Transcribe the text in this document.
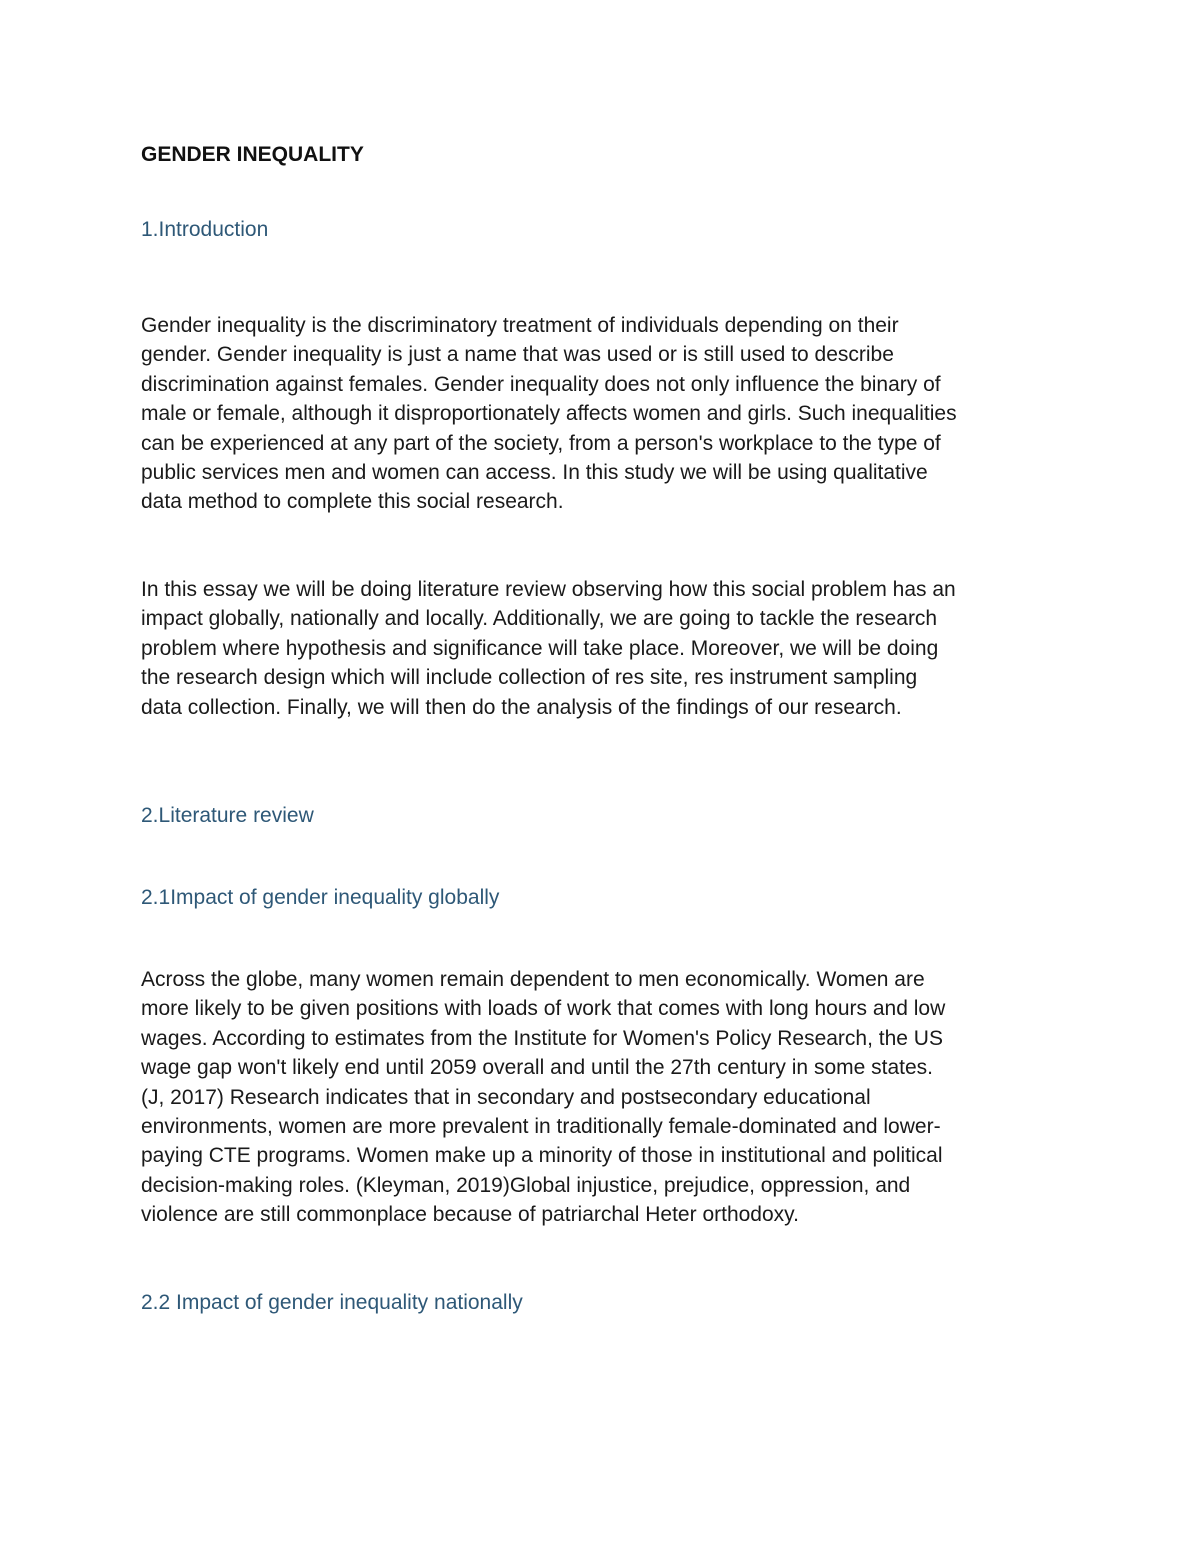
GENDER INEQUALITY
1.Introduction
Gender inequality is the discriminatory treatment of individuals depending on their
gender. Gender inequality is just a name that was used or is still used to describe
discrimination against females. Gender inequality does not only influence the binary of
male or female, although it disproportionately affects women and girls. Such inequalities
can be experienced at any part of the society, from a person's workplace to the type of
public services men and women can access. In this study we will be using qualitative
data method to complete this social research.
In this essay we will be doing literature review observing how this social problem has an
impact globally, nationally and locally. Additionally, we are going to tackle the research
problem where hypothesis and significance will take place. Moreover, we will be doing
the research design which will include collection of res site, res instrument sampling
data collection. Finally, we will then do the analysis of the findings of our research.
2.Literature review
2.1Impact of gender inequality globally
Across the globe, many women remain dependent to men economically. Women are
more likely to be given positions with loads of work that comes with long hours and low
wages. According to estimates from the Institute for Women's Policy Research, the US
wage gap won't likely end until 2059 overall and until the 27th century in some states.
(J, 2017) Research indicates that in secondary and postsecondary educational
environments, women are more prevalent in traditionally female-dominated and lower-
paying CTE programs. Women make up a minority of those in institutional and political
decision-making roles. (Kleyman, 2019)Global injustice, prejudice, oppression, and
violence are still commonplace because of patriarchal Heter orthodoxy.
2.2 Impact of gender inequality nationally
